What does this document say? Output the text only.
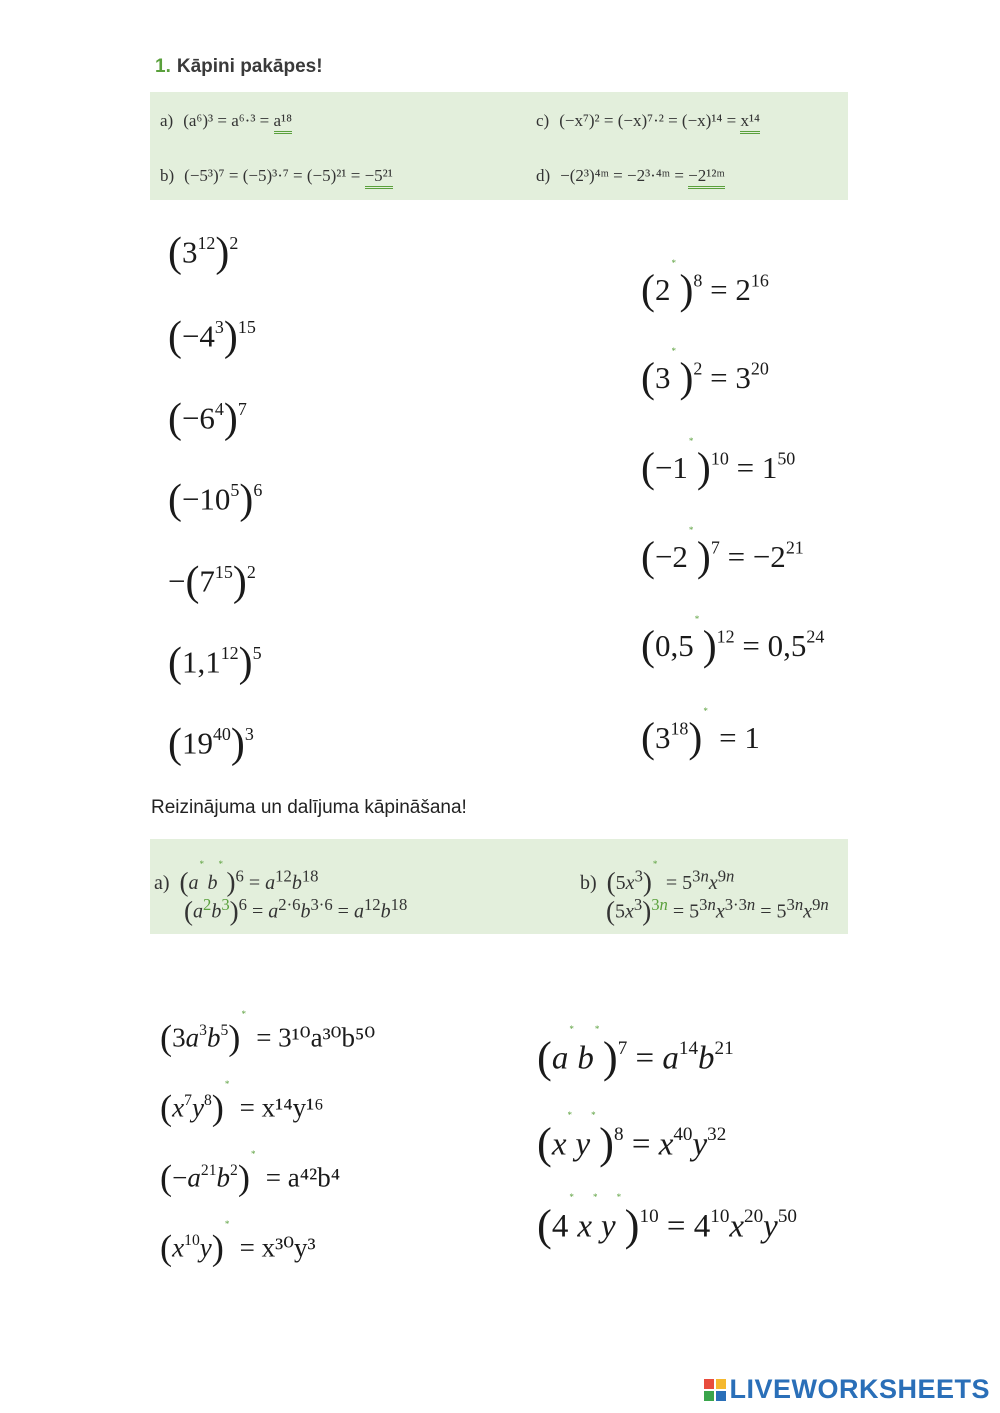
1. Kāpini pakāpes!
a) (a⁶)³ = a⁶·³ = a¹⁸
b) (−5³)⁷ = (−5)³·⁷ = (−5)²¹ = −5²¹
c) (−x⁷)² = (−x)⁷·² = (−x)¹⁴ = x¹⁴
d) −(2³)⁴ᵐ = −2³·⁴ᵐ = −2¹²ᵐ
$(3^{12})^2$
$(-4^3)^{15}$
$(-6^4)^7$
$(-10^5)^6$
$-(7^{15})^2$
$(1,1^{12})^5$
$(19^{40})^3$
(2* )$^8 = 2^{16}$
(3* )$^2 = 3^{20}$
(−1* )$^{10} = 1^{50}$
(−2* )$^7 = -2^{21}$
(0,5* )$^{12} = 0,5^{24}$
$(3^{18})* = 1$
Reizinājuma un dalījuma kāpināšana!
a) (a* b* )$^6 = a^{12}b^{18}$
$(a^2b^3)^6 = a^{2\cdot 6}b^{3\cdot 6} = a^{12}b^{18}$
b) $(5x^3)* = 5^{3n}x^{9n}$
$(5x^3)^{3n} = 5^{3n}x^{3\cdot 3n} = 5^{3n}x^{9n}$
$(3a^3b^5)* = 3^{10}a^{30}b^{50}$
$(x^7y^8)* = x^{14}y^{16}$
$(-a^{21}b^2)* = a^{42}b^4$
$(x^{10}y)* = x^{30}y^3$
(a* b* )$^7 = a^{14}b^{21}$
(x* y* )$^8 = x^{40}y^{32}$
(4* x* y* )$^{10} = 4^{10}x^{20}y^{50}$
LIVEWORKSHEETS
